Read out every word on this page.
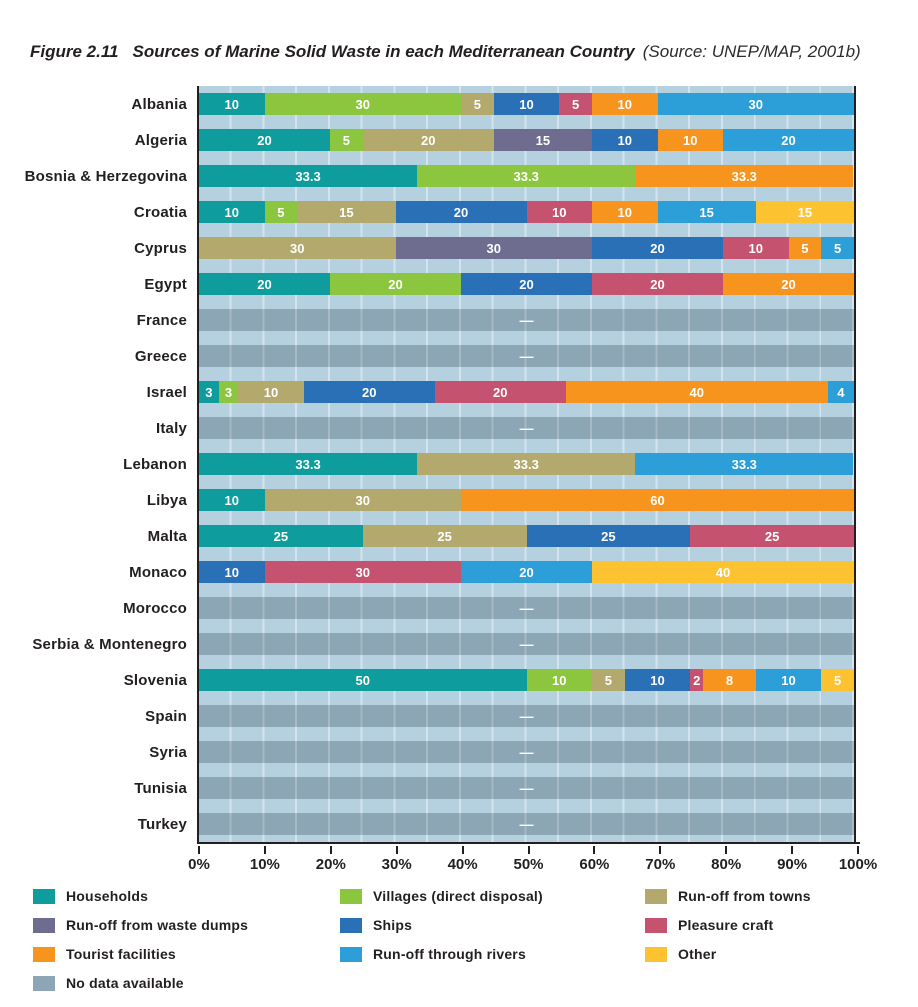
Figure 2.11 Sources of Marine Solid Waste in each Mediterranean Country (Source: UNEP/MAP, 2001b)
Albania	10	30	5	10	5	10	30
Algeria	20	5	20	15	10	10	20
Bosnia & Herzegovina	33.3	33.3	33.3
Croatia	10	5	15	20	10	10	15	15
Cyprus	30	30	20	10	5 5
Egypt	20	20	20	20	20
France	—
Greece	—
Israel	3 3 10	20	20	40	4
Italy	—
Lebanon	33.3	33.3	33.3
Libya	10	30	60
Malta	25	25	25	25
Monaco	10	30	20	40
Morocco	—
Serbia & Montenegro	—
Slovenia	50	10	5	10 2 8	10	5
Spain	—
Syria	—
Tunisia	—
Turkey	—
0%	10% 20% 30% 40% 50% 60% 70% 80% 90% 100%
Households	Villages (direct disposal)	Run-off from towns
Run-off from waste dumps	Ships	Pleasure craft
Tourist facilities	Run-off through rivers	Other
No data available
